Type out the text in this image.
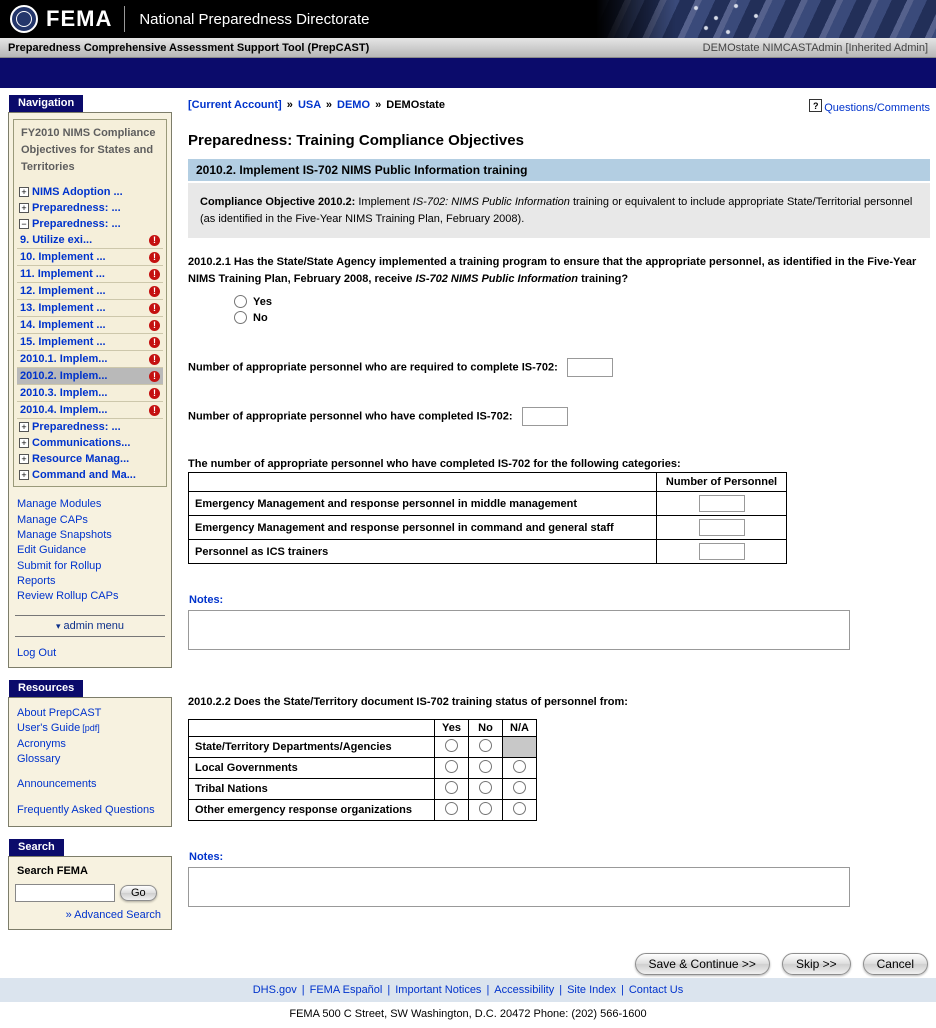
FEMA National Preparedness Directorate
Preparedness Comprehensive Assessment Support Tool (PrepCAST)	DEMOstate NIMCASTAdmin [Inherited Admin]
Navigation
FY2010 NIMS Compliance Objectives for States and Territories
+ NIMS Adoption ...
+ Preparedness: ...
− Preparedness: ...
9. Utilize exi...	!
10. Implement ...	!
11. Implement ...	!
12. Implement ...	!
13. Implement ...	!
14. Implement ...	!
15. Implement ...	!
2010.1. Implem...	!
2010.2. Implem...	!
2010.3. Implem...	!
2010.4. Implem...	!
+ Preparedness: ...
+ Communications...
+ Resource Manag...
+ Command and Ma...
Manage Modules
Manage CAPs
Manage Snapshots
Edit Guidance
Submit for Rollup
Reports
Review Rollup CAPs
▾ admin menu
Log Out
Resources
About PrepCAST
User's Guide [pdf]
Acronyms
Glossary
Announcements
Frequently Asked Questions
Search
Search FEMA
Go
» Advanced Search
[Current Account] » USA » DEMO » DEMOstate	? Questions/Comments
Preparedness: Training Compliance Objectives
2010.2. Implement IS-702 NIMS Public Information training
Compliance Objective 2010.2: Implement IS-702: NIMS Public Information training or equivalent to include appropriate State/Territorial personnel (as identified in the Five-Year NIMS Training Plan, February 2008).
2010.2.1 Has the State/State Agency implemented a training program to ensure that the appropriate personnel, as identified in the Five-Year NIMS Training Plan, February 2008, receive IS-702 NIMS Public Information training?
Yes
No
Number of appropriate personnel who are required to complete IS-702:
Number of appropriate personnel who have completed IS-702:
The number of appropriate personnel who have completed IS-702 for the following categories:
	Number of Personnel
Emergency Management and response personnel in middle management	
Emergency Management and response personnel in command and general staff	
Personnel as ICS trainers	
Notes:
2010.2.2 Does the State/Territory document IS-702 training status of personnel from:
	Yes	No	N/A
State/Territory Departments/Agencies			
Local Governments			
Tribal Nations			
Other emergency response organizations			
Notes:
Save & Continue >>	Skip >>	Cancel
DHS.gov | FEMA Español | Important Notices | Accessibility | Site Index | Contact Us
FEMA 500 C Street, SW Washington, D.C. 20472 Phone: (202) 566-1600
